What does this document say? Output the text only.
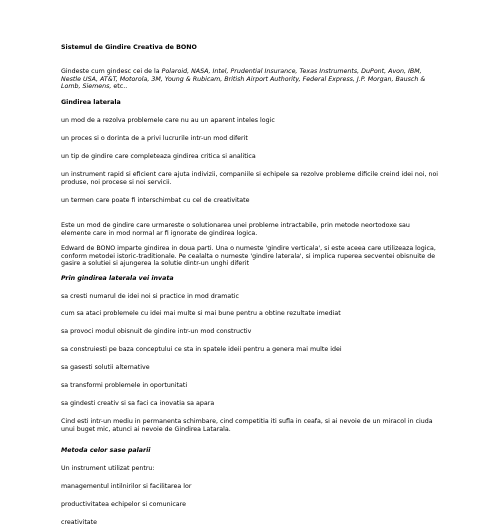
Sistemul de Gindire Creativa de BONO

Gindeste cum gindesc cei de la Polaroid, NASA, Intel, Prudential Insurance, Texas Instruments, DuPont, Avon, IBM, Nestle USA, AT&T, Motorola, 3M, Young & Rubicam, British Airport Authority, Federal Express, J.P. Morgan, Bausch & Lomb, Siemens, etc..

Gindirea laterala

un mod de a rezolva problemele care nu au un aparent inteles logic

un proces si o dorinta de a privi lucrurile intr-un mod diferit

un tip de gindire care completeaza gindirea critica si analitica

un instrument rapid si eficient care ajuta indivizii, companiile si echipele sa rezolve probleme dificile creind idei noi, noi produse, noi procese si noi servicii.

un termen care poate fi interschimbat cu cel de creativitate

Este un mod de gindire care urmareste o solutionarea unei probleme intractabile, prin metode neortodoxe sau elemente care in mod normal ar fi ignorate de gindirea logica.

Edward de BONO imparte gindirea in doua parti. Una o numeste 'gindire verticala', si este aceea care utilizeaza logica, conform metodei istoric-traditionale. Pe cealalta o numeste 'gindire laterala', si implica ruperea secventei obisnuite de gasire a solutiei si ajungerea la solutie dintr-un unghi diferit

Prin gindirea laterala vei invata

sa cresti numarul de idei noi si practice in mod dramatic

cum sa ataci problemele cu idei mai multe si mai bune pentru a obtine rezultate imediat

sa provoci modul obisnuit de gindire intr-un mod constructiv

sa construiesti pe baza conceptului ce sta in spatele ideii pentru a genera mai multe idei

sa gasesti solutii alternative

sa transformi problemele in oportunitati

sa gindesti creativ si sa faci ca inovatia sa apara

Cind esti intr-un mediu in permanenta schimbare, cind competitia iti sufla in ceafa, si ai nevoie de un miracol in ciuda unui buget mic, atunci ai nevoie de Gindirea Latarala.

Metoda celor sase palarii

Un instrument utilizat pentru:

managementul intilnirilor si facilitarea lor

productivitatea echipelor si comunicare

creativitate
